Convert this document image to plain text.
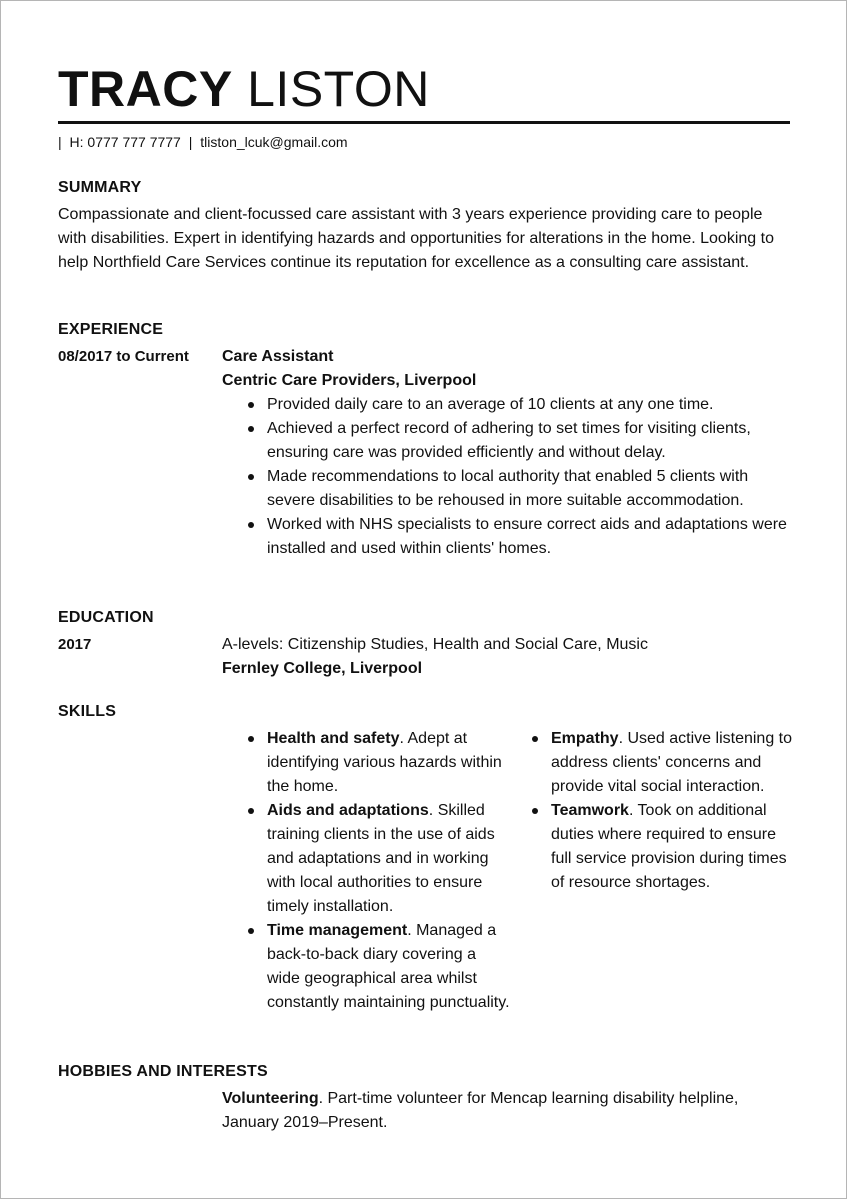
TRACY LISTON
| H: 0777 777 7777 | tliston_lcuk@gmail.com
SUMMARY
Compassionate and client-focussed care assistant with 3 years experience providing care to people with disabilities. Expert in identifying hazards and opportunities for alterations in the home. Looking to help Northfield Care Services continue its reputation for excellence as a consulting care assistant.
EXPERIENCE
08/2017 to Current Care Assistant
Centric Care Providers, Liverpool
Provided daily care to an average of 10 clients at any one time.
Achieved a perfect record of adhering to set times for visiting clients, ensuring care was provided efficiently and without delay.
Made recommendations to local authority that enabled 5 clients with severe disabilities to be rehoused in more suitable accommodation.
Worked with NHS specialists to ensure correct aids and adaptations were installed and used within clients' homes.
EDUCATION
2017	A-levels: Citizenship Studies, Health and Social Care, Music
Fernley College, Liverpool
SKILLS
Health and safety. Adept at identifying various hazards within the home.
Aids and adaptations. Skilled training clients in the use of aids and adaptations and in working with local authorities to ensure timely installation.
Time management. Managed a back-to-back diary covering a wide geographical area whilst constantly maintaining punctuality.
Empathy. Used active listening to address clients' concerns and provide vital social interaction.
Teamwork. Took on additional duties where required to ensure full service provision during times of resource shortages.
HOBBIES AND INTERESTS
Volunteering. Part-time volunteer for Mencap learning disability helpline, January 2019–Present.
